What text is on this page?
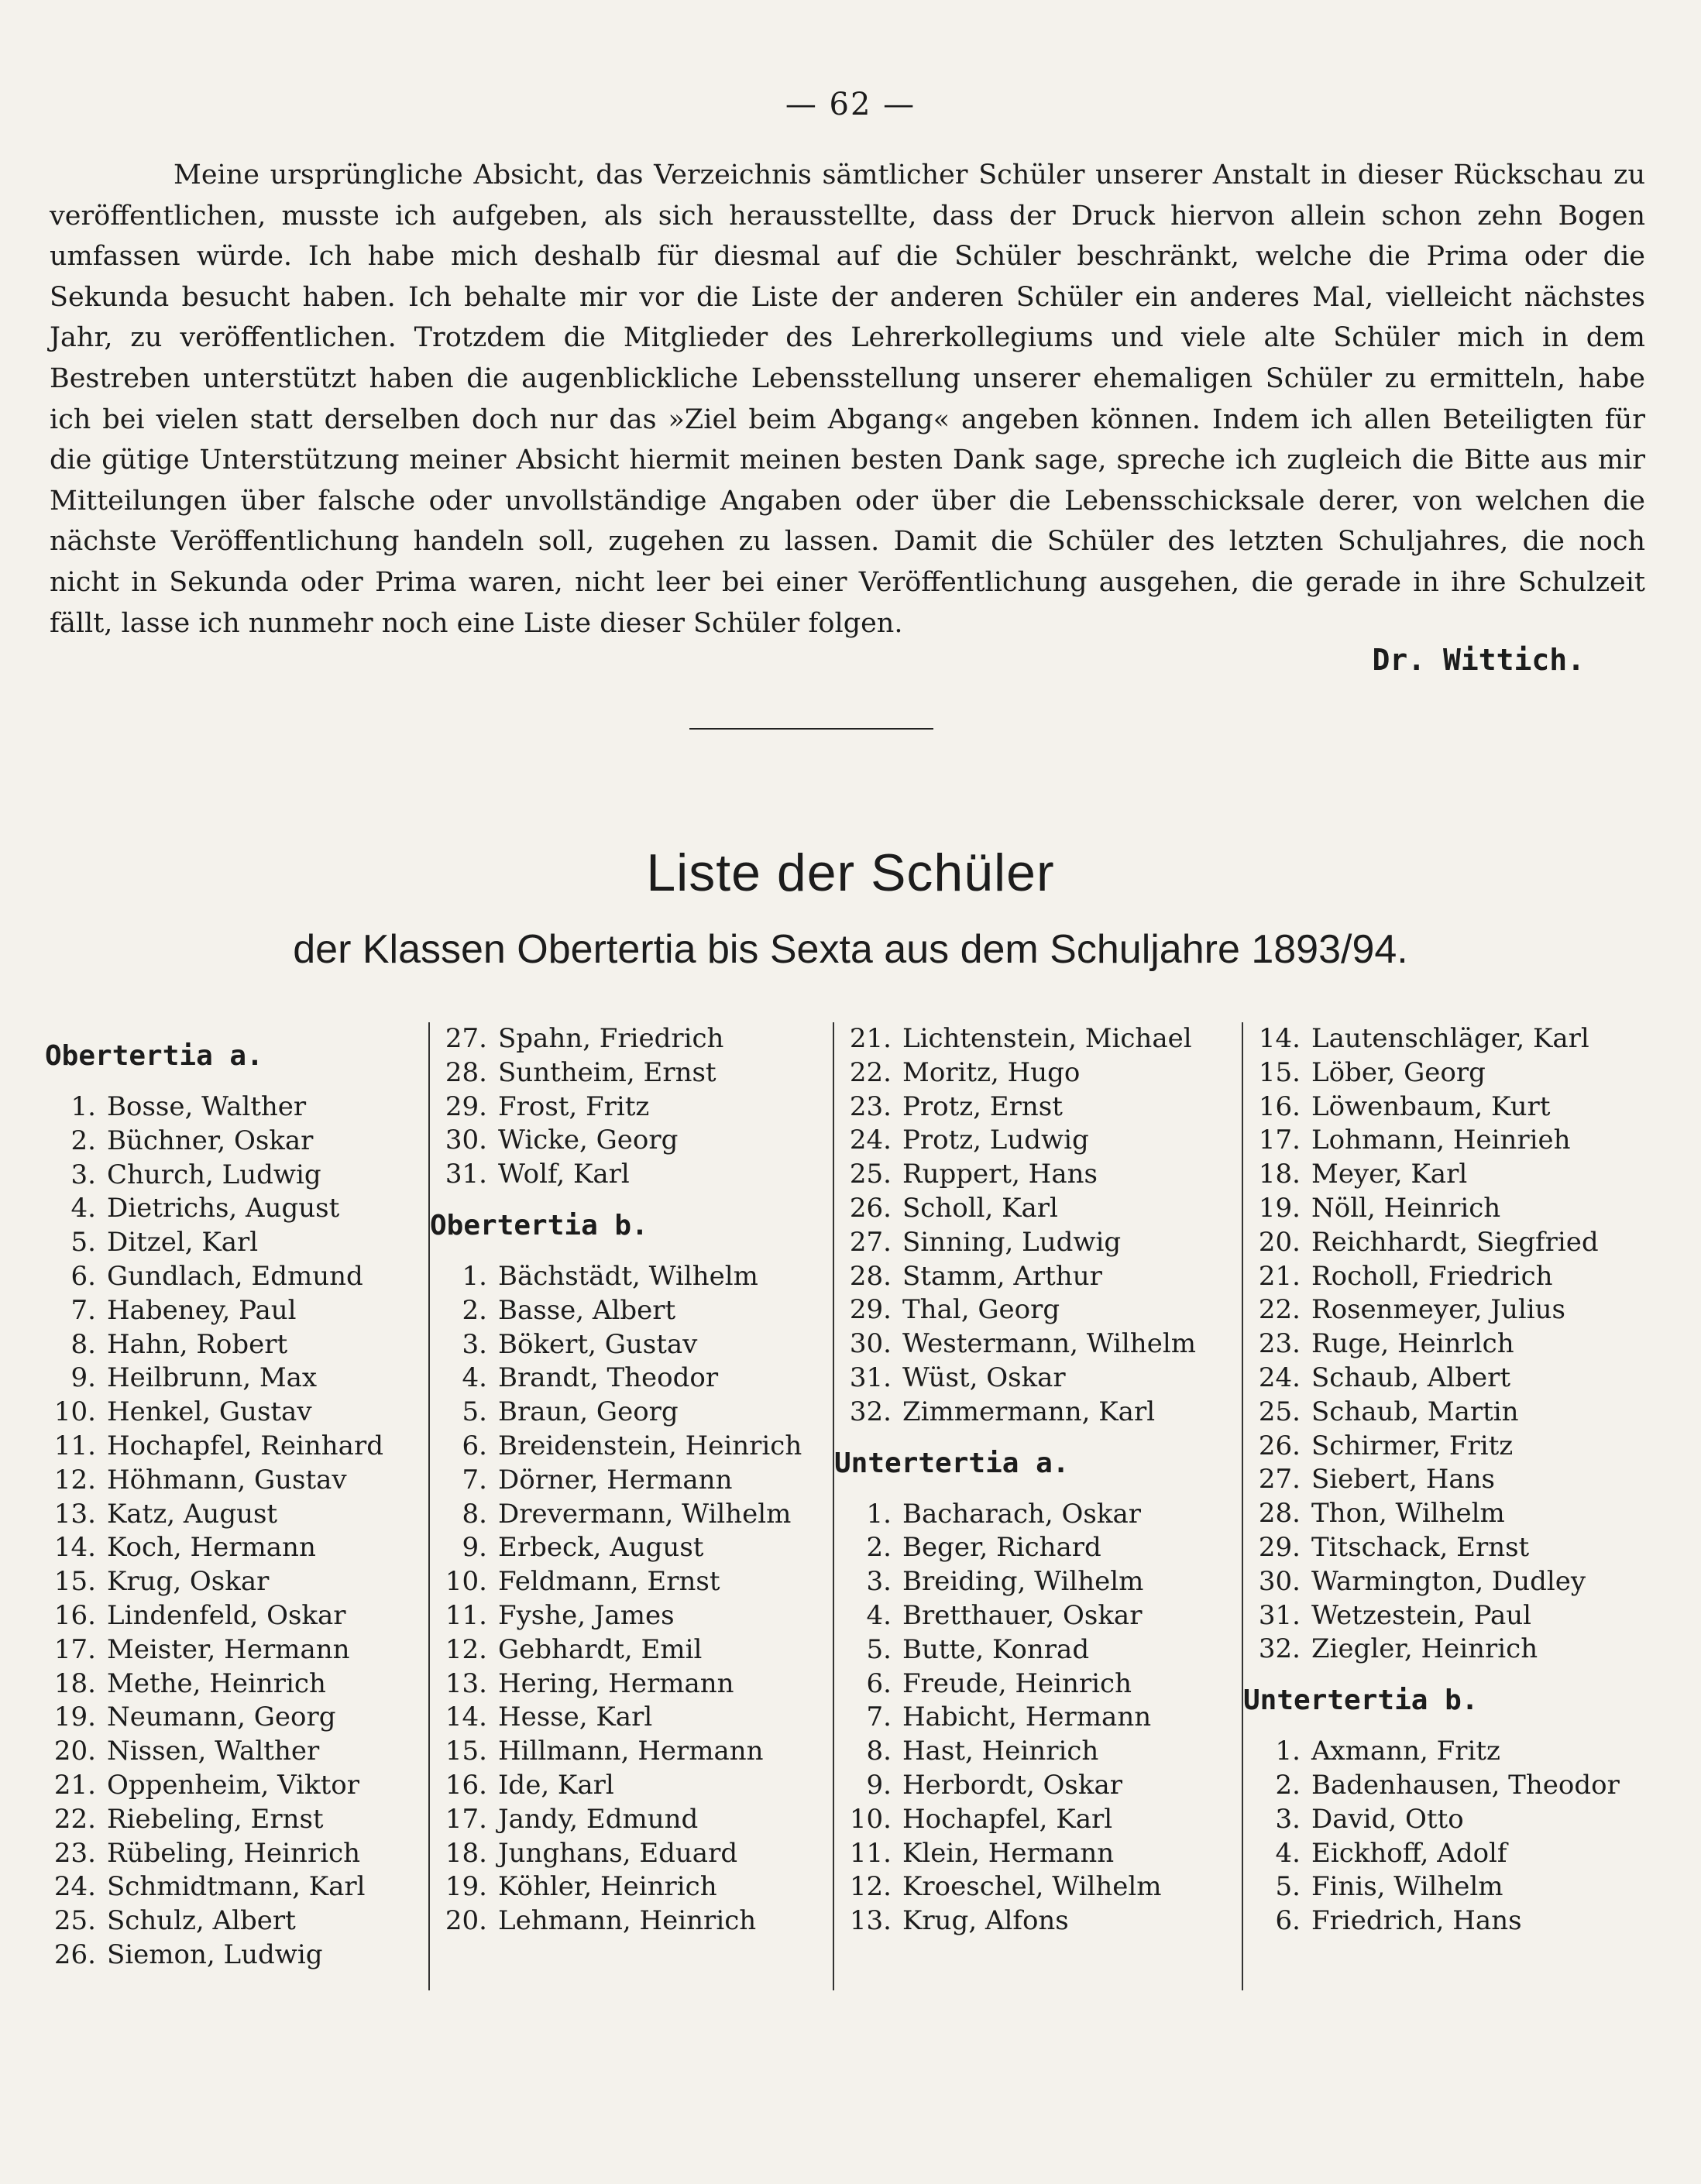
— 62 —

Meine ursprüngliche Absicht, das Verzeichnis sämtlicher Schüler unserer Anstalt in dieser Rückschau zu veröffentlichen, musste ich aufgeben, als sich herausstellte, dass der Druck hiervon allein schon zehn Bogen umfassen würde. Ich habe mich deshalb für diesmal auf die Schüler beschränkt, welche die Prima oder die Sekunda besucht haben. Ich behalte mir vor die Liste der anderen Schüler ein anderes Mal, vielleicht nächstes Jahr, zu veröffentlichen. Trotzdem die Mitglieder des Lehrerkollegiums und viele alte Schüler mich in dem Bestreben unterstützt haben die augenblickliche Lebensstellung unserer ehemaligen Schüler zu ermitteln, habe ich bei vielen statt derselben doch nur das »Ziel beim Abgang« angeben können. Indem ich allen Beteiligten für die gütige Unterstützung meiner Absicht hiermit meinen besten Dank sage, spreche ich zugleich die Bitte aus mir Mitteilungen über falsche oder unvollständige Angaben oder über die Lebensschicksale derer, von welchen die nächste Veröffentlichung handeln soll, zugehen zu lassen. Damit die Schüler des letzten Schuljahres, die noch nicht in Sekunda oder Prima waren, nicht leer bei einer Veröffentlichung ausgehen, die gerade in ihre Schulzeit fällt, lasse ich nunmehr noch eine Liste dieser Schüler folgen.

Dr. Wittich.
Liste der Schüler
der Klassen Obertertia bis Sexta aus dem Schuljahre 1893/94.
Obertertia a.
1. Bosse, Walther
2. Büchner, Oskar
3. Church, Ludwig
4. Dietrichs, August
5. Ditzel, Karl
6. Gundlach, Edmund
7. Habeney, Paul
8. Hahn, Robert
9. Heilbrunn, Max
10. Henkel, Gustav
11. Hochapfel, Reinhard
12. Höhmann, Gustav
13. Katz, August
14. Koch, Hermann
15. Krug, Oskar
16. Lindenfeld, Oskar
17. Meister, Hermann
18. Methe, Heinrich
19. Neumann, Georg
20. Nissen, Walther
21. Oppenheim, Viktor
22. Riebeling, Ernst
23. Rübeling, Heinrich
24. Schmidtmann, Karl
25. Schulz, Albert
26. Siemon, Ludwig
27. Spahn, Friedrich
28. Suntheim, Ernst
29. Frost, Fritz
30. Wicke, Georg
31. Wolf, Karl
Obertertia b.
1. Bächstädt, Wilhelm
2. Basse, Albert
3. Bökert, Gustav
4. Brandt, Theodor
5. Braun, Georg
6. Breidenstein, Heinrich
7. Dörner, Hermann
8. Drevermann, Wilhelm
9. Erbeck, August
10. Feldmann, Ernst
11. Fyshe, James
12. Gebhardt, Emil
13. Hering, Hermann
14. Hesse, Karl
15. Hillmann, Hermann
16. Ide, Karl
17. Jandy, Edmund
18. Junghans, Eduard
19. Köhler, Heinrich
20. Lehmann, Heinrich
21. Lichtenstein, Michael
22. Moritz, Hugo
23. Protz, Ernst
24. Protz, Ludwig
25. Ruppert, Hans
26. Scholl, Karl
27. Sinning, Ludwig
28. Stamm, Arthur
29. Thal, Georg
30. Westermann, Wilhelm
31. Wüst, Oskar
32. Zimmermann, Karl
Untertertia a.
1. Bacharach, Oskar
2. Beger, Richard
3. Breiding, Wilhelm
4. Bretthauer, Oskar
5. Butte, Konrad
6. Freude, Heinrich
7. Habicht, Hermann
8. Hast, Heinrich
9. Herbordt, Oskar
10. Hochapfel, Karl
11. Klein, Hermann
12. Kroeschel, Wilhelm
13. Krug, Alfons
14. Lautenschläger, Karl
15. Löber, Georg
16. Löwenbaum, Kurt
17. Lohmann, Heinrieh
18. Meyer, Karl
19. Nöll, Heinrich
20. Reichhardt, Siegfried
21. Rocholl, Friedrich
22. Rosenmeyer, Julius
23. Ruge, Heinrlch
24. Schaub, Albert
25. Schaub, Martin
26. Schirmer, Fritz
27. Siebert, Hans
28. Thon, Wilhelm
29. Titschack, Ernst
30. Warmington, Dudley
31. Wetzestein, Paul
32. Ziegler, Heinrich
Untertertia b.
1. Axmann, Fritz
2. Badenhausen, Theodor
3. David, Otto
4. Eickhoff, Adolf
5. Finis, Wilhelm
6. Friedrich, Hans
